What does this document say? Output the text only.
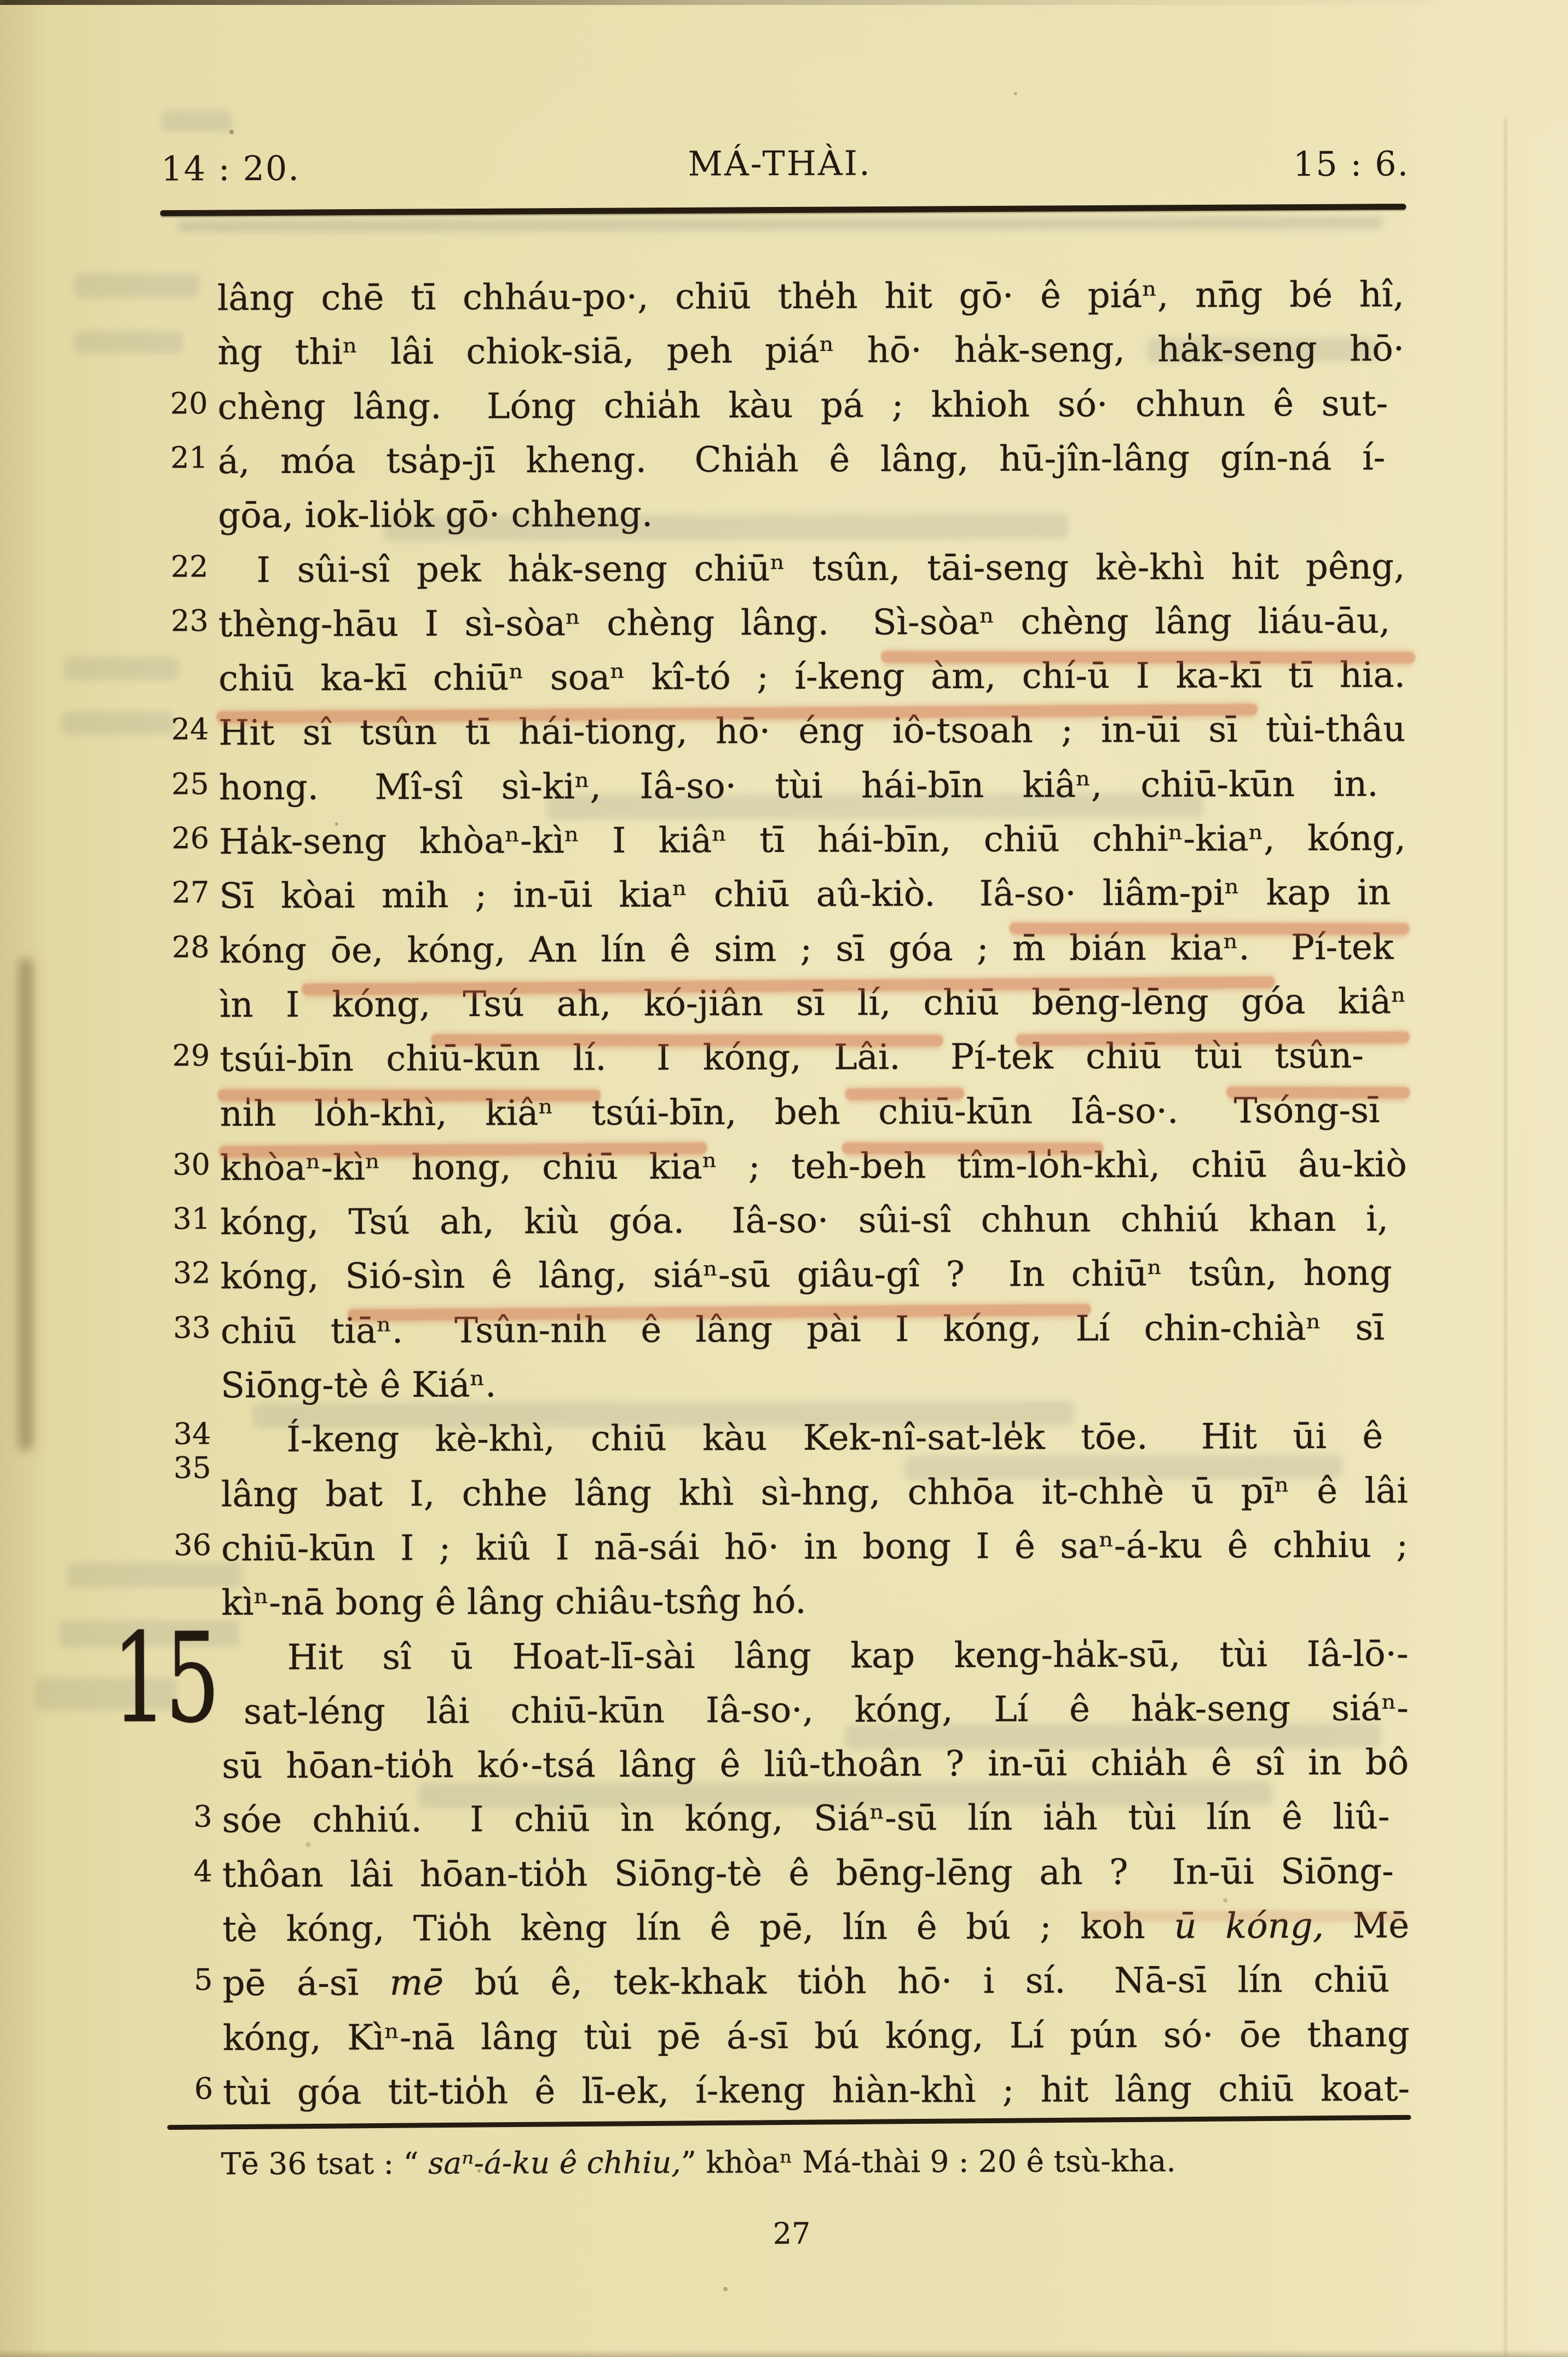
14 : 20.	MÁ-THÀI.	15 : 6.
lâng chē tī chháu-po·, chiū the̍h hit gō· ê piáⁿ, nn̄g bé hî,
ǹg thiⁿ lâi chiok-siā, peh piáⁿ hō· ha̍k-seng, ha̍k-seng hō·
20 chèng lâng.  Lóng chia̍h kàu pá ; khioh só· chhun ê sut-
21 á, móa tsa̍p-jī kheng.  Chia̍h ê lâng, hū-jîn-lâng gín-ná í-
gōa, iok-lio̍k gō· chheng.
22	I sûi-sî pek ha̍k-seng chiūⁿ tsûn, tāi-seng kè-khì hit pêng,
23 thèng-hāu I sì-sòaⁿ chèng lâng.  Sì-sòaⁿ chèng lâng liáu-āu,
chiū ka-kī chiūⁿ soaⁿ kî-tó ; í-keng àm, chí-ū I ka-kī tī hia.
24 Hit sî tsûn tī hái-tiong, hō· éng iô-tsoah ; in-ūi sī tùi-thâu
25 hong.  Mî-sî sì-kiⁿ, Iâ-so· tùi hái-bīn kiâⁿ, chiū-kūn in.
26 Ha̍k-seng khòaⁿ-kìⁿ I kiâⁿ tī hái-bīn, chiū chhiⁿ-kiaⁿ, kóng,
27 Sī kòai mih ; in-ūi kiaⁿ chiū aû-kiò.  Iâ-so· liâm-piⁿ kap in
28 kóng ōe, kóng, An lín ê sim ; sī góa ; m̄ bián kiaⁿ.  Pí-tek
ìn I kóng, Tsú ah, kó-jiân sī lí, chiū bēng-lēng góa kiâⁿ
29 tsúi-bīn chiū-kūn lí.  I kóng, Lâi.  Pí-tek chiū tùi tsûn-
ni̍h lo̍h-khì, kiâⁿ tsúi-bīn, beh chiū-kūn Iâ-so·.  Tsóng-sī
30 khòaⁿ-kìⁿ hong, chiū kiaⁿ ; teh-beh tîm-lo̍h-khì, chiū âu-kiò
31 kóng, Tsú ah, kiù góa.  Iâ-so· sûi-sî chhun chhiú khan i,
32 kóng, Sió-sìn ê lâng, siáⁿ-sū giâu-gî ?  In chiūⁿ tsûn, hong
33 chiū tiāⁿ.  Tsûn-ni̍h ê lâng pài I kóng, Lí chin-chiàⁿ sī
Siōng-tè ê Kiáⁿ.
34	Í-keng kè-khì, chiū kàu Kek-nî-sat-le̍k tōe.  Hit ūi ê
35
lâng bat I, chhe lâng khì sì-hng, chhōa it-chhè ū pīⁿ ê lâi
36 chiū-kūn I ; kiû I nā-sái hō· in bong I ê saⁿ-á-ku ê chhiu ;
kìⁿ-nā bong ê lâng chiâu-tsn̂g hó.
Hit sî ū Hoat-lī-sài lâng kap keng-ha̍k-sū, tùi Iâ-lō·-
sat-léng lâi chiū-kūn Iâ-so·, kóng, Lí ê ha̍k-seng siáⁿ-
sū hōan-tio̍h kó·-tsá lâng ê liû-thoân ? in-ūi chia̍h ê sî in bô
3 sóe chhiú.  I chiū ìn kóng, Siáⁿ-sū lín ia̍h tùi lín ê liû-
4 thôan lâi hōan-tio̍h Siōng-tè ê bēng-lēng ah ?  In-ūi Siōng-
tè kóng, Tio̍h kèng lín ê pē, lín ê bú ; koh ū kóng, Mē
5 pē á-sī mē bú ê, tek-khak tio̍h hō· i sí.  Nā-sī lín chiū
kóng, Kìⁿ-nā lâng tùi pē á-sī bú kóng, Lí pún só· ōe thang
6 tùi góa tit-tio̍h ê lī-ek, í-keng hiàn-khì ; hit lâng chiū koat-
15
Tē 36 tsat : “ saⁿ-á-ku ê chhiu,” khòaⁿ Má-thài 9 : 20 ê tsù-kha.
27
